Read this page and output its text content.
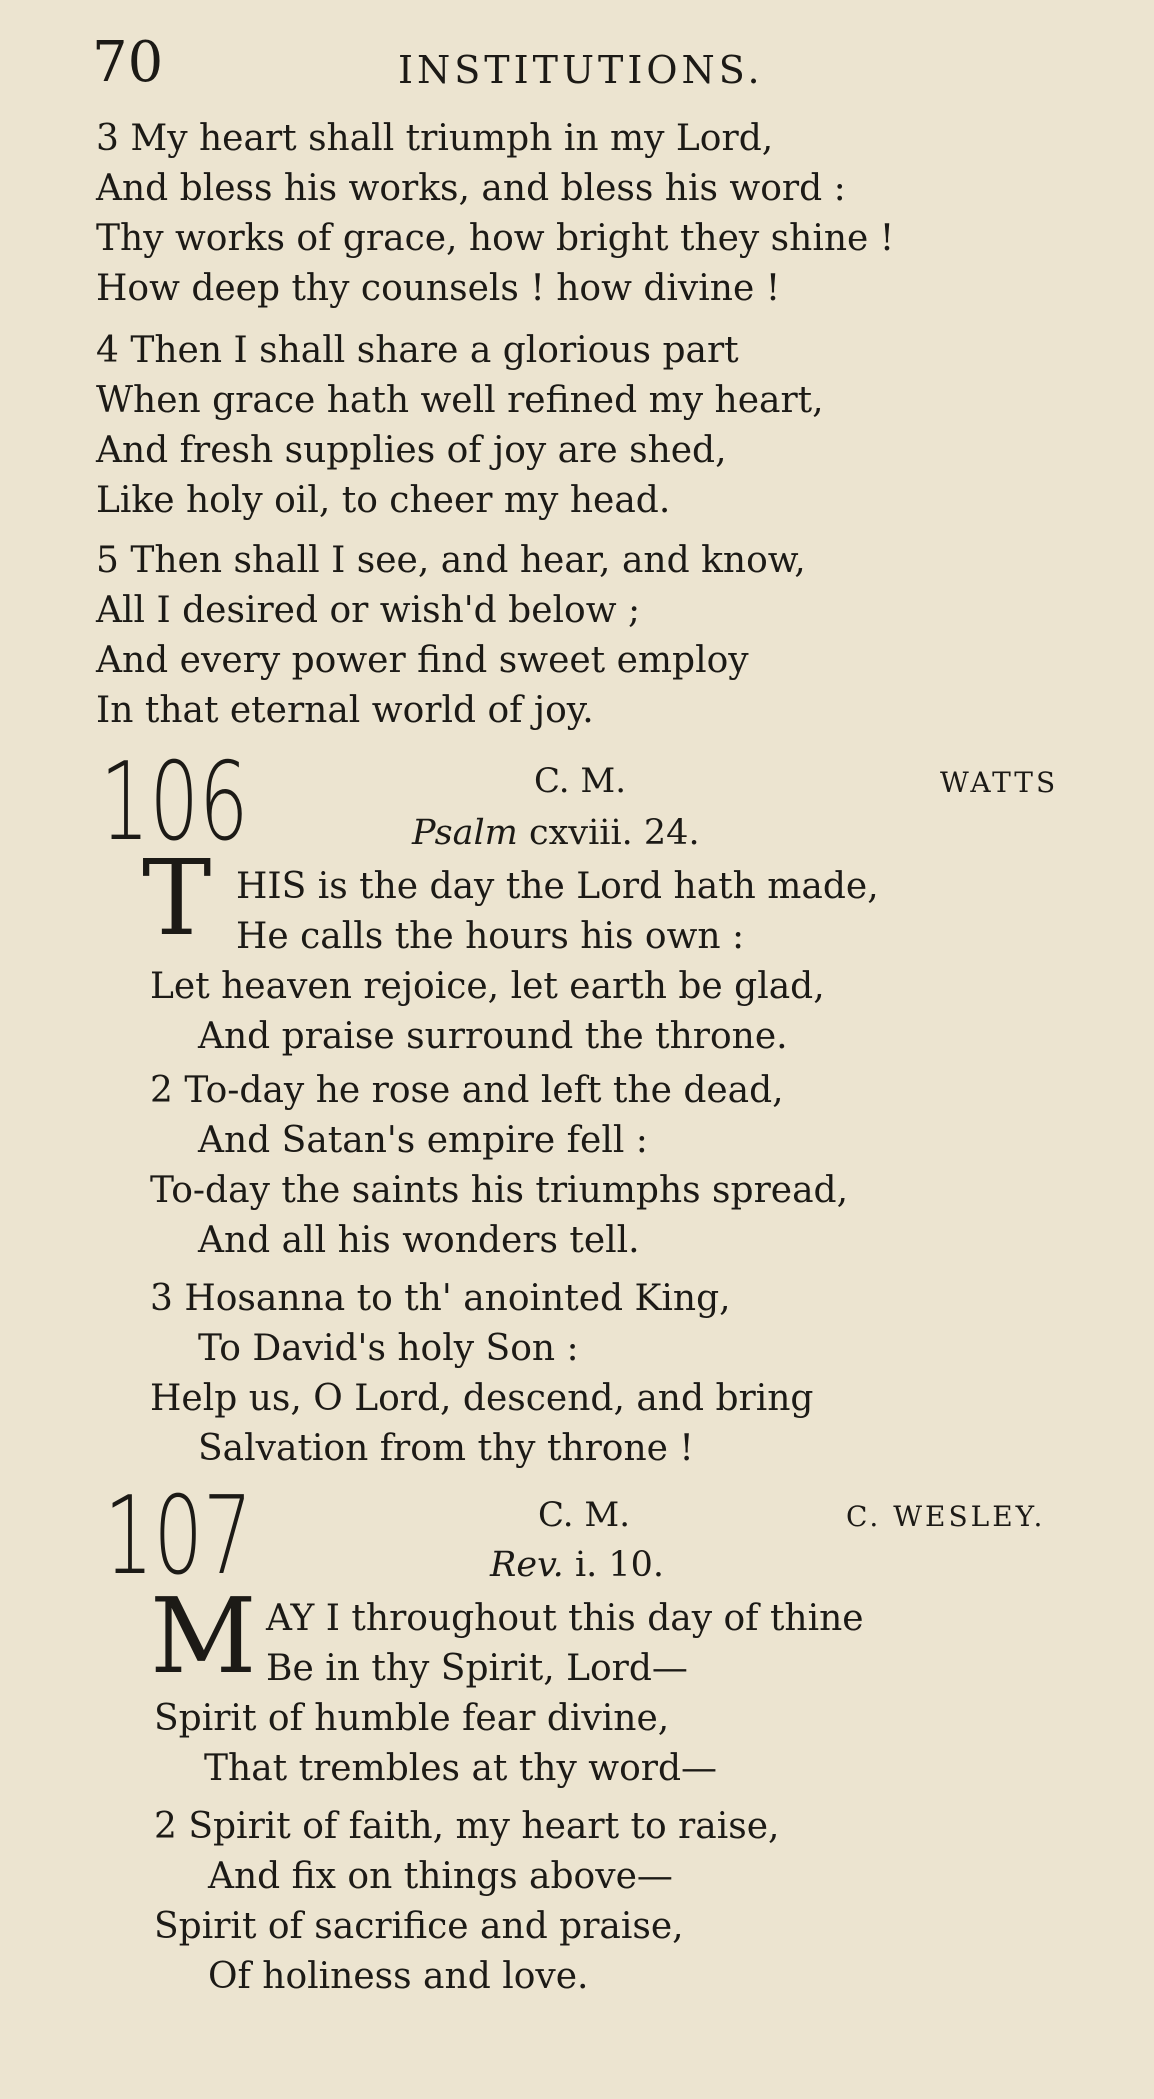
70	INSTITUTIONS.
3 My heart shall triumph in my Lord,
And bless his works, and bless his word :
Thy works of grace, how bright they shine !
How deep thy counsels ! how divine !
4 Then I shall share a glorious part
When grace hath well refined my heart,
And fresh supplies of joy are shed,
Like holy oil, to cheer my head.
5 Then shall I see, and hear, and know,
All I desired or wish'd below ;
And every power find sweet employ
In that eternal world of joy.
106	C. M.	WATTS
Psalm cxviii. 24.
T HIS is the day the Lord hath made,
He calls the hours his own :
Let heaven rejoice, let earth be glad,
And praise surround the throne.
2 To-day he rose and left the dead,
And Satan's empire fell :
To-day the saints his triumphs spread,
And all his wonders tell.
3 Hosanna to th' anointed King,
To David's holy Son :
Help us, O Lord, descend, and bring
Salvation from thy throne !
107	C. M.	C. WESLEY.
Rev. i. 10.
M AY I throughout this day of thine
Be in thy Spirit, Lord—
Spirit of humble fear divine,
That trembles at thy word—
2 Spirit of faith, my heart to raise,
And fix on things above—
Spirit of sacrifice and praise,
Of holiness and love.
